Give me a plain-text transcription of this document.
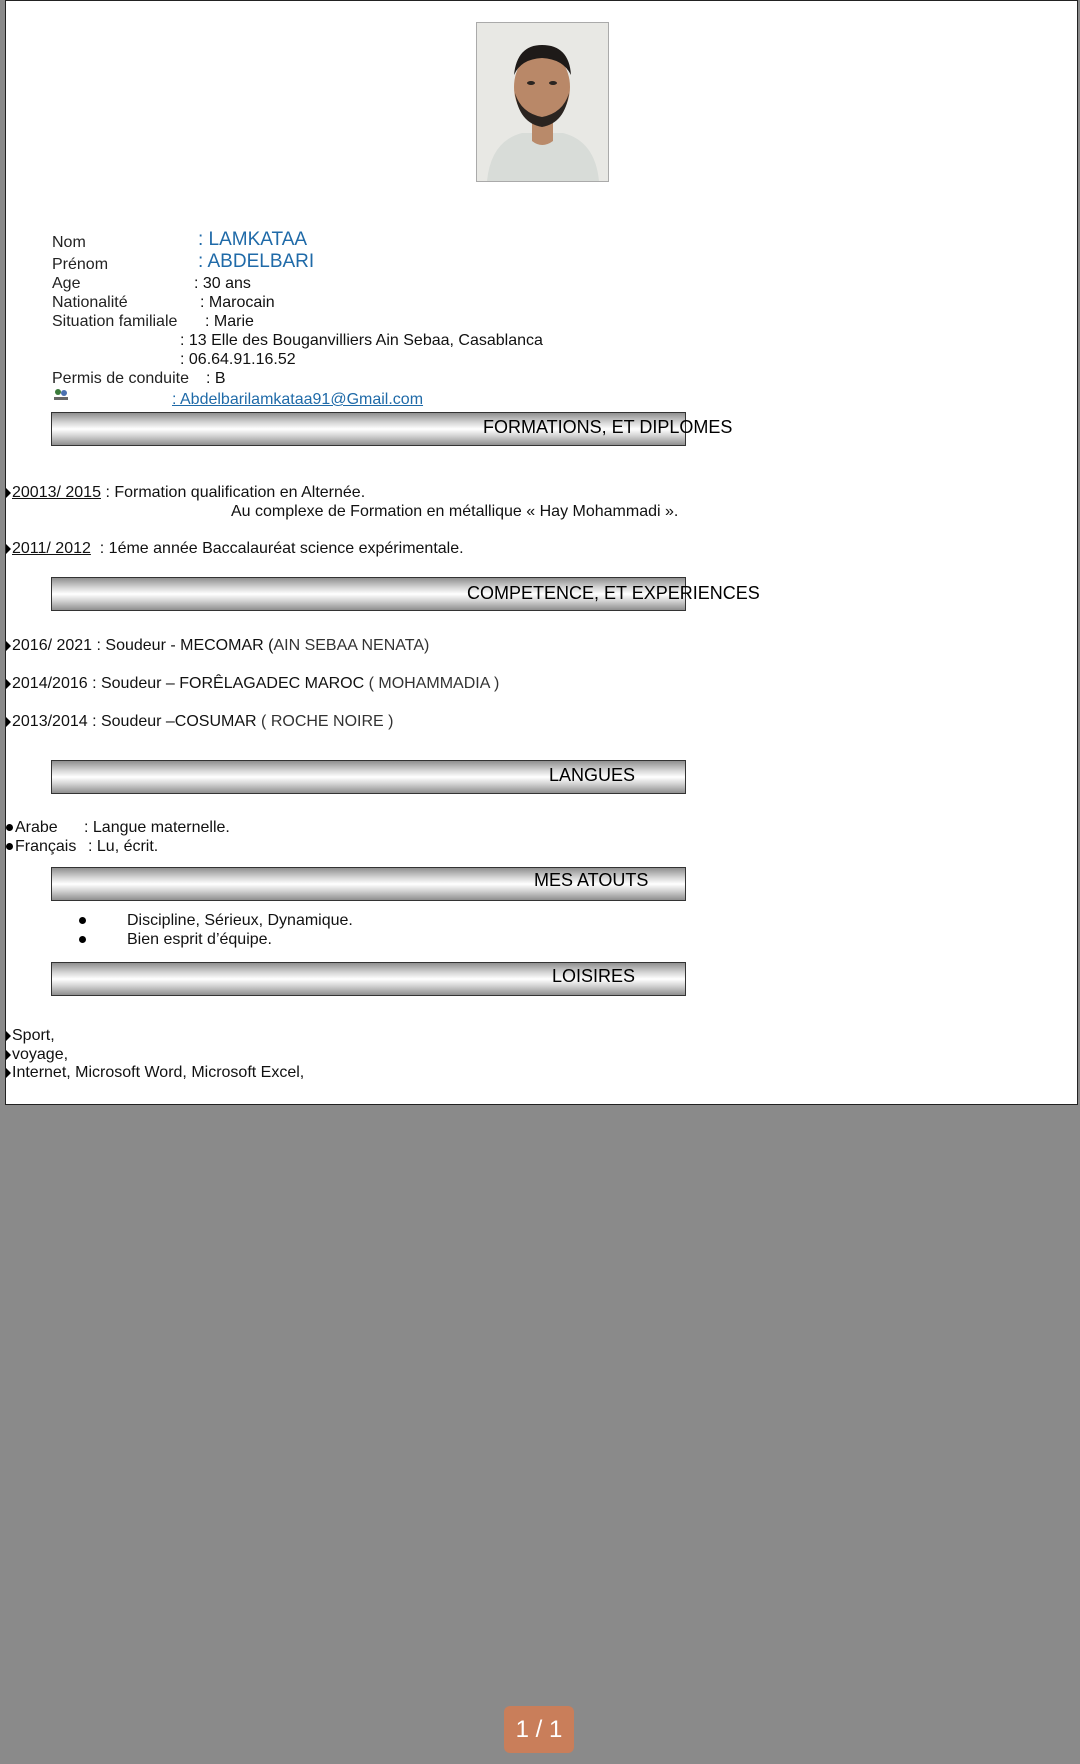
Nom	: LAMKATAA
Prénom	: ABDELBARI
Age	: 30 ans
Nationalité	: Marocain
Situation familiale : Marie
: 13 Elle des Bouganvilliers Ain Sebaa, Casablanca
: 06.64.91.16.52
Permis de conduite : B
: Abdelbarilamkataa91@Gmail.com
FORMATIONS, ET DIPLOMES
20013/ 2015 : Formation qualification en Alternée.
Au complexe de Formation en métallique « Hay Mohammadi ».
2011/ 2012 : 1éme année Baccalauréat science expérimentale.
COMPETENCE, ET EXPERIENCES
2016/ 2021 : Soudeur - MECOMAR (AIN SEBAA NENATA)
2014/2016 : Soudeur – FORÊLAGADEC MAROC ( MOHAMMADIA )
2013/2014 : Soudeur –COSUMAR ( ROCHE NOIRE )
LANGUES
Arabe : Langue maternelle.
Français : Lu, écrit.
MES ATOUTS
Discipline, Sérieux, Dynamique.
Bien esprit d’équipe.
LOISIRES
Sport,
voyage,
Internet, Microsoft Word, Microsoft Excel,
1 / 1
